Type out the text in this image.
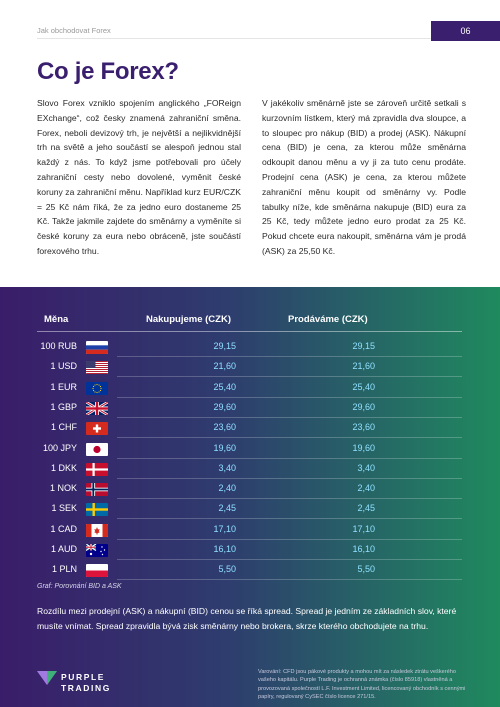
Jak obchodovat Forex	06
Co je Forex?
Slovo Forex vzniklo spojením anglického „FOReign EXchange“, což česky znamená zahraniční směna. Forex, neboli devizový trh, je největší a nejlikvidnější trh na světě a jeho součástí se alespoň jednou stal každý z nás. To když jsme potřebovali pro účely zahraniční cesty nebo dovolené, vyměnit české koruny za zahraniční měnu. Například kurz EUR/CZK = 25 Kč nám říká, že za jedno euro dostaneme 25 Kč. Takže jakmile zajdete do směnárny a vyměníte si české koruny za eura nebo obráceně, jste součástí forexového trhu.
V jakékoliv směnárně jste se zároveň určitě setkali s kurzovním lístkem, který má zpravidla dva sloupce, a to sloupec pro nákup (BID) a prodej (ASK). Nákupní cena (BID) je cena, za kterou může směnárna odkoupit danou měnu a vy ji za tuto cenu prodáte. Prodejní cena (ASK) je cena, za kterou můžete zahraniční měnu koupit od směnárny vy. Podle tabulky níže, kde směnárna nakupuje (BID) eura za 25 Kč, tedy můžete jedno euro prodat za 25 Kč. Pokud chcete eura nakoupit, směnárna vám je prodá (ASK) za 25,50 Kč.
Měna	Nakupujeme (CZK)	Prodáváme (CZK)
100 RUB	29,15	29,15
1 USD	21,60	21,60
1 EUR	25,40	25,40
1 GBP	29,60	29,60
1 CHF	23,60	23,60
100 JPY	19,60	19,60
1 DKK	3,40	3,40
1 NOK	2,40	2,40
1 SEK	2,45	2,45
1 CAD	17,10	17,10
1 AUD	16,10	16,10
1 PLN	5,50	5,50
Graf: Porovnání BID a ASK
Rozdílu mezi prodejní (ASK) a nákupní (BID) cenou se říká spread. Spread je jedním ze základních slov, které musíte vnímat. Spread zpravidla bývá zisk směnárny nebo brokera, skrze kterého obchodujete na trhu.
PURPLE
TRADING
Varování: CFD jsou pákové produkty a mohou mít za následek ztrátu veškerého vašeho kapitálu. Purple Trading je ochranná známka (číslo 85918) vlastněná a provozovaná společností L.F. Investment Limited, licencovaný obchodník s cennými papíry, regulovaný CySEC číslo licence 271/15.
